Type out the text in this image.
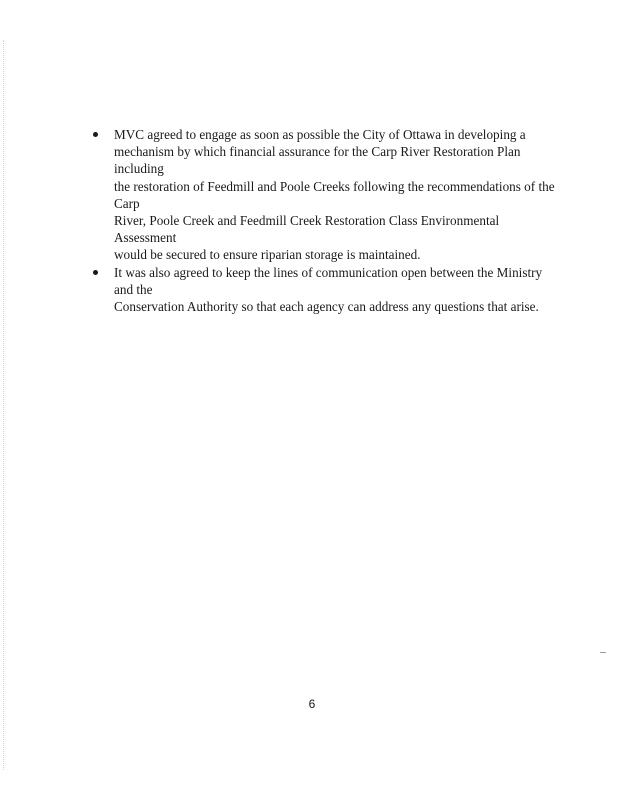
MVC agreed to engage as soon as possible the City of Ottawa in developing a
mechanism by which financial assurance for the Carp River Restoration Plan including
the restoration of Feedmill and Poole Creeks following the recommendations of the Carp
River, Poole Creek and Feedmill Creek Restoration Class Environmental Assessment
would be secured to ensure riparian storage is maintained.
It was also agreed to keep the lines of communication open between the Ministry and the
Conservation Authority so that each agency can address any questions that arise.
6
